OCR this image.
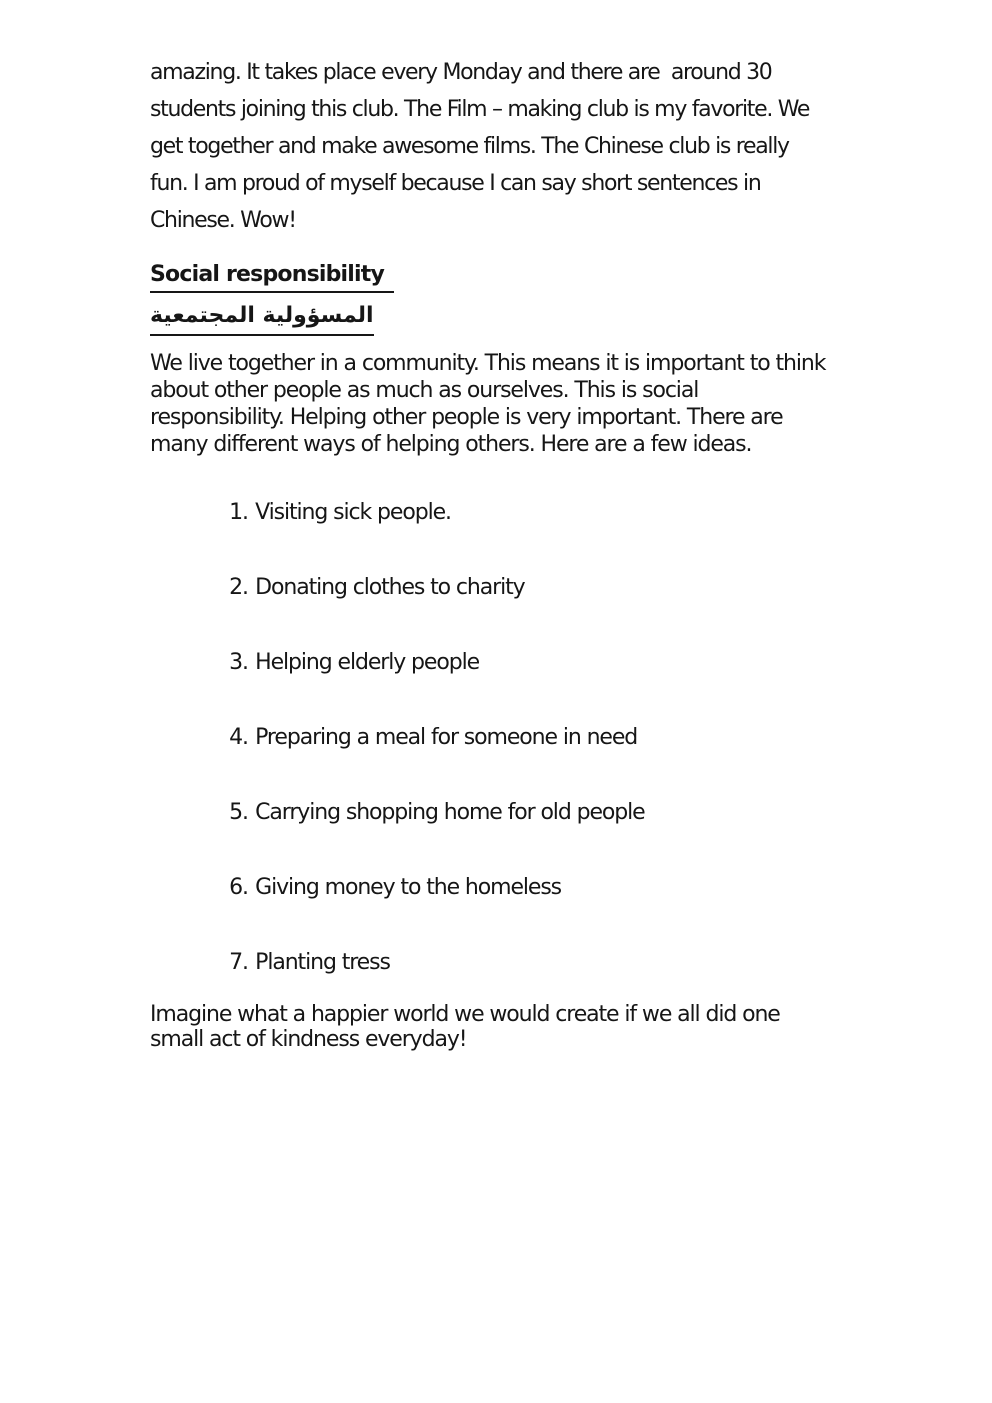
amazing. It takes place every Monday and there are  around 30
students joining this club. The Film – making club is my favorite. We
get together and make awesome films. The Chinese club is really
fun. I am proud of myself because I can say short sentences in
Chinese. Wow!
Social responsibility
المسؤولية المجتمعية
We live together in a community. This means it is important to think
about other people as much as ourselves. This is social
responsibility. Helping other people is very important. There are
many different ways of helping others. Here are a few ideas.

1. Visiting sick people.

2. Donating clothes to charity

3. Helping elderly people

4. Preparing a meal for someone in need

5. Carrying shopping home for old people

6. Giving money to the homeless

7. Planting tress

Imagine what a happier world we would create if we all did one
small act of kindness everyday!
